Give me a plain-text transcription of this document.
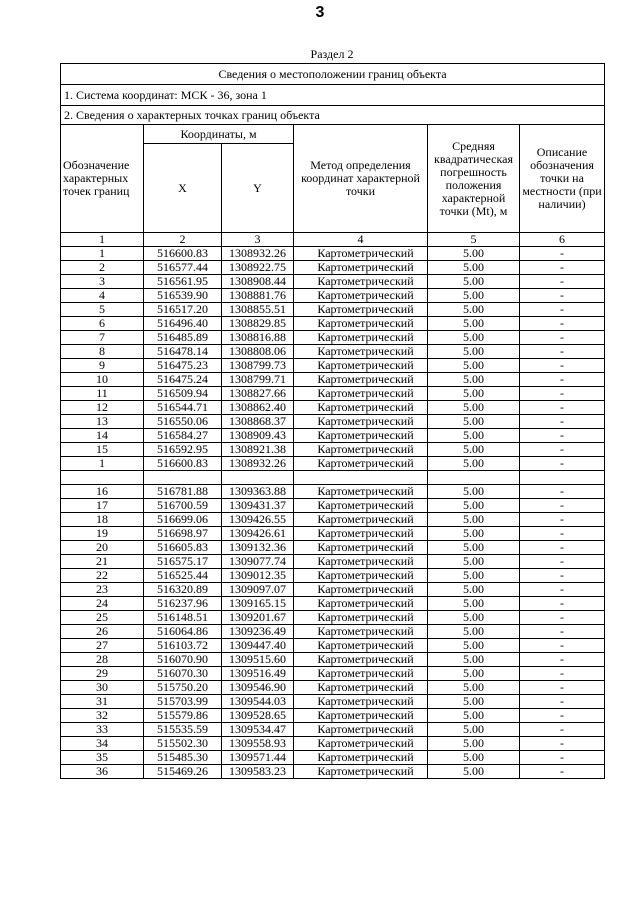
3
Раздел 2
Сведения о местоположении границ объекта					
1. Система координат: МСК - 36, зона 1					
2. Сведения о характерных точках границ объекта					
Обозначение характерных точек границ	Координаты, м		Метод определения координат характерной точки	Средняя квадратическая погрешность положения характерной точки (Mt), м	Описание обозначения точки на местности (при наличии)
	X	Y			
1	2	3	4	5	6
1	516600.83	1308932.26	Картометрический	5.00	-
2	516577.44	1308922.75	Картометрический	5.00	-
3	516561.95	1308908.44	Картометрический	5.00	-
4	516539.90	1308881.76	Картометрический	5.00	-
5	516517.20	1308855.51	Картометрический	5.00	-
6	516496.40	1308829.85	Картометрический	5.00	-
7	516485.89	1308816.88	Картометрический	5.00	-
8	516478.14	1308808.06	Картометрический	5.00	-
9	516475.23	1308799.73	Картометрический	5.00	-
10	516475.24	1308799.71	Картометрический	5.00	-
11	516509.94	1308827.66	Картометрический	5.00	-
12	516544.71	1308862.40	Картометрический	5.00	-
13	516550.06	1308868.37	Картометрический	5.00	-
14	516584.27	1308909.43	Картометрический	5.00	-
15	516592.95	1308921.38	Картометрический	5.00	-
1	516600.83	1308932.26	Картометрический	5.00	-

16	516781.88	1309363.88	Картометрический	5.00	-
17	516700.59	1309431.37	Картометрический	5.00	-
18	516699.06	1309426.55	Картометрический	5.00	-
19	516698.97	1309426.61	Картометрический	5.00	-
20	516605.83	1309132.36	Картометрический	5.00	-
21	516575.17	1309077.74	Картометрический	5.00	-
22	516525.44	1309012.35	Картометрический	5.00	-
23	516320.89	1309097.07	Картометрический	5.00	-
24	516237.96	1309165.15	Картометрический	5.00	-
25	516148.51	1309201.67	Картометрический	5.00	-
26	516064.86	1309236.49	Картометрический	5.00	-
27	516103.72	1309447.40	Картометрический	5.00	-
28	516070.90	1309515.60	Картометрический	5.00	-
29	516070.30	1309516.49	Картометрический	5.00	-
30	515750.20	1309546.90	Картометрический	5.00	-
31	515703.99	1309544.03	Картометрический	5.00	-
32	515579.86	1309528.65	Картометрический	5.00	-
33	515535.59	1309534.47	Картометрический	5.00	-
34	515502.30	1309558.93	Картометрический	5.00	-
35	515485.30	1309571.44	Картометрический	5.00	-
36	515469.26	1309583.23	Картометрический	5.00	-
